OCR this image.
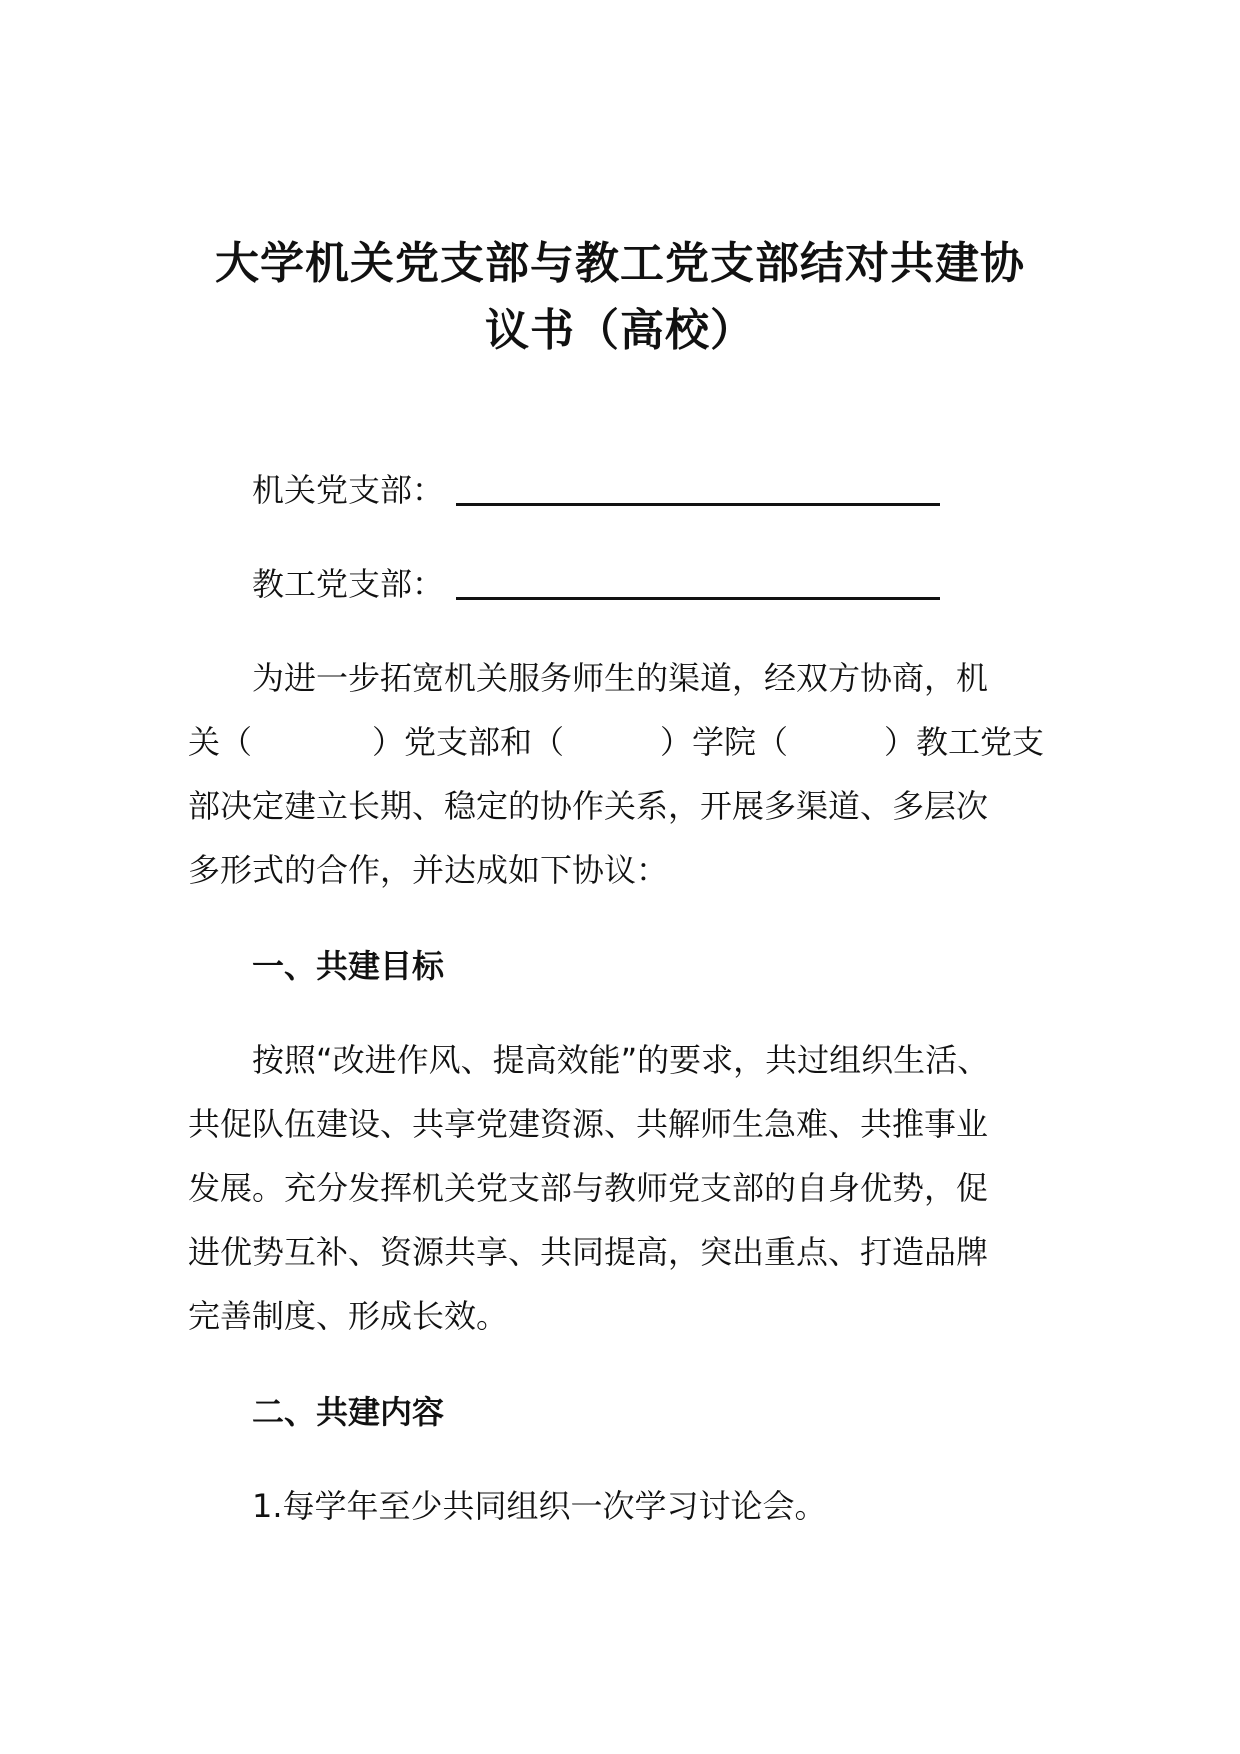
大学机关党支部与教工党支部结对共建协
议书（高校）
机关党支部：
教工党支部：
为进一步拓宽机关服务师生的渠道，经双方协商，机
关（	）党支部和（	）学院（	）教工党支
部决定建立长期、稳定的协作关系，开展多渠道、多层次
多形式的合作，并达成如下协议：
一、共建目标
按照“改进作风、提高效能”的要求，共过组织生活、
共促队伍建设、共享党建资源、共解师生急难、共推事业
发展。充分发挥机关党支部与教师党支部的自身优势，促
进优势互补、资源共享、共同提高，突出重点、打造品牌
完善制度、形成长效。
二、共建内容
1.每学年至少共同组织一次学习讨论会。
